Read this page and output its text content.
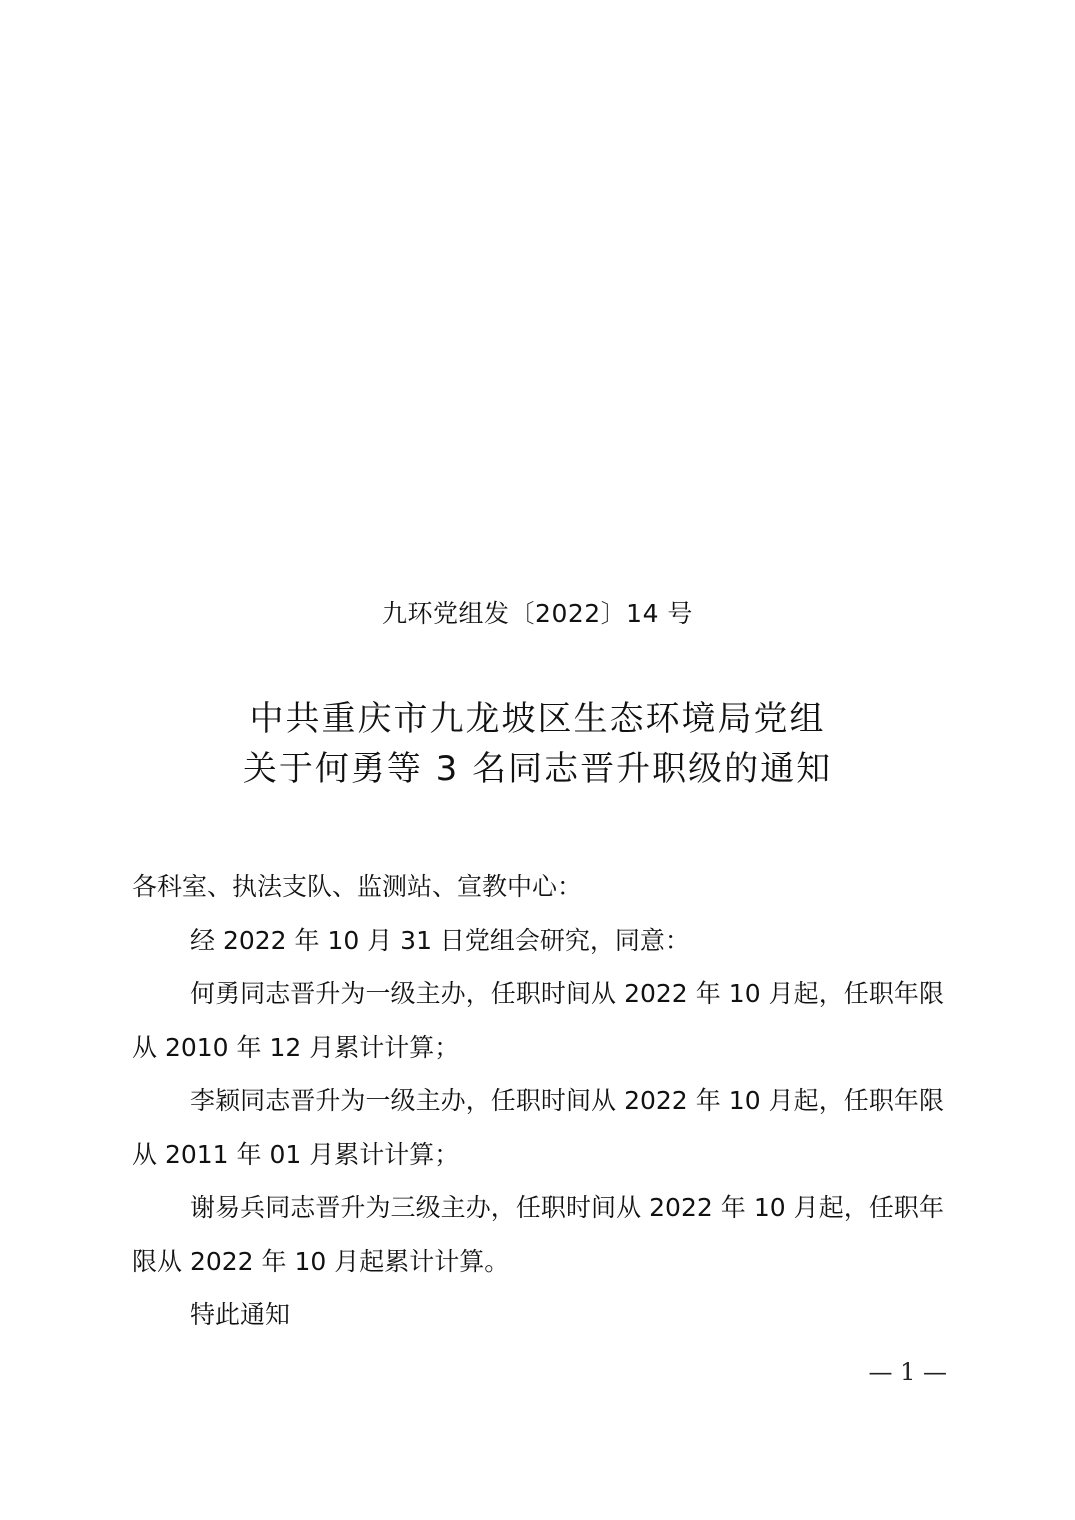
九环党组发〔2022〕14 号
中共重庆市九龙坡区生态环境局党组
关于何勇等 3 名同志晋升职级的通知

各科室、执法支队、监测站、宣教中心：

经 2022 年 10 月 31 日党组会研究，同意：

何勇同志晋升为一级主办，任职时间从 2022 年 10 月起，任职年限从 2010 年 12 月累计计算；

李颖同志晋升为一级主办，任职时间从 2022 年 10 月起，任职年限从 2011 年 01 月累计计算；

谢易兵同志晋升为三级主办，任职时间从 2022 年 10 月起，任职年限从 2022 年 10 月起累计计算。

特此通知

— 1 —
